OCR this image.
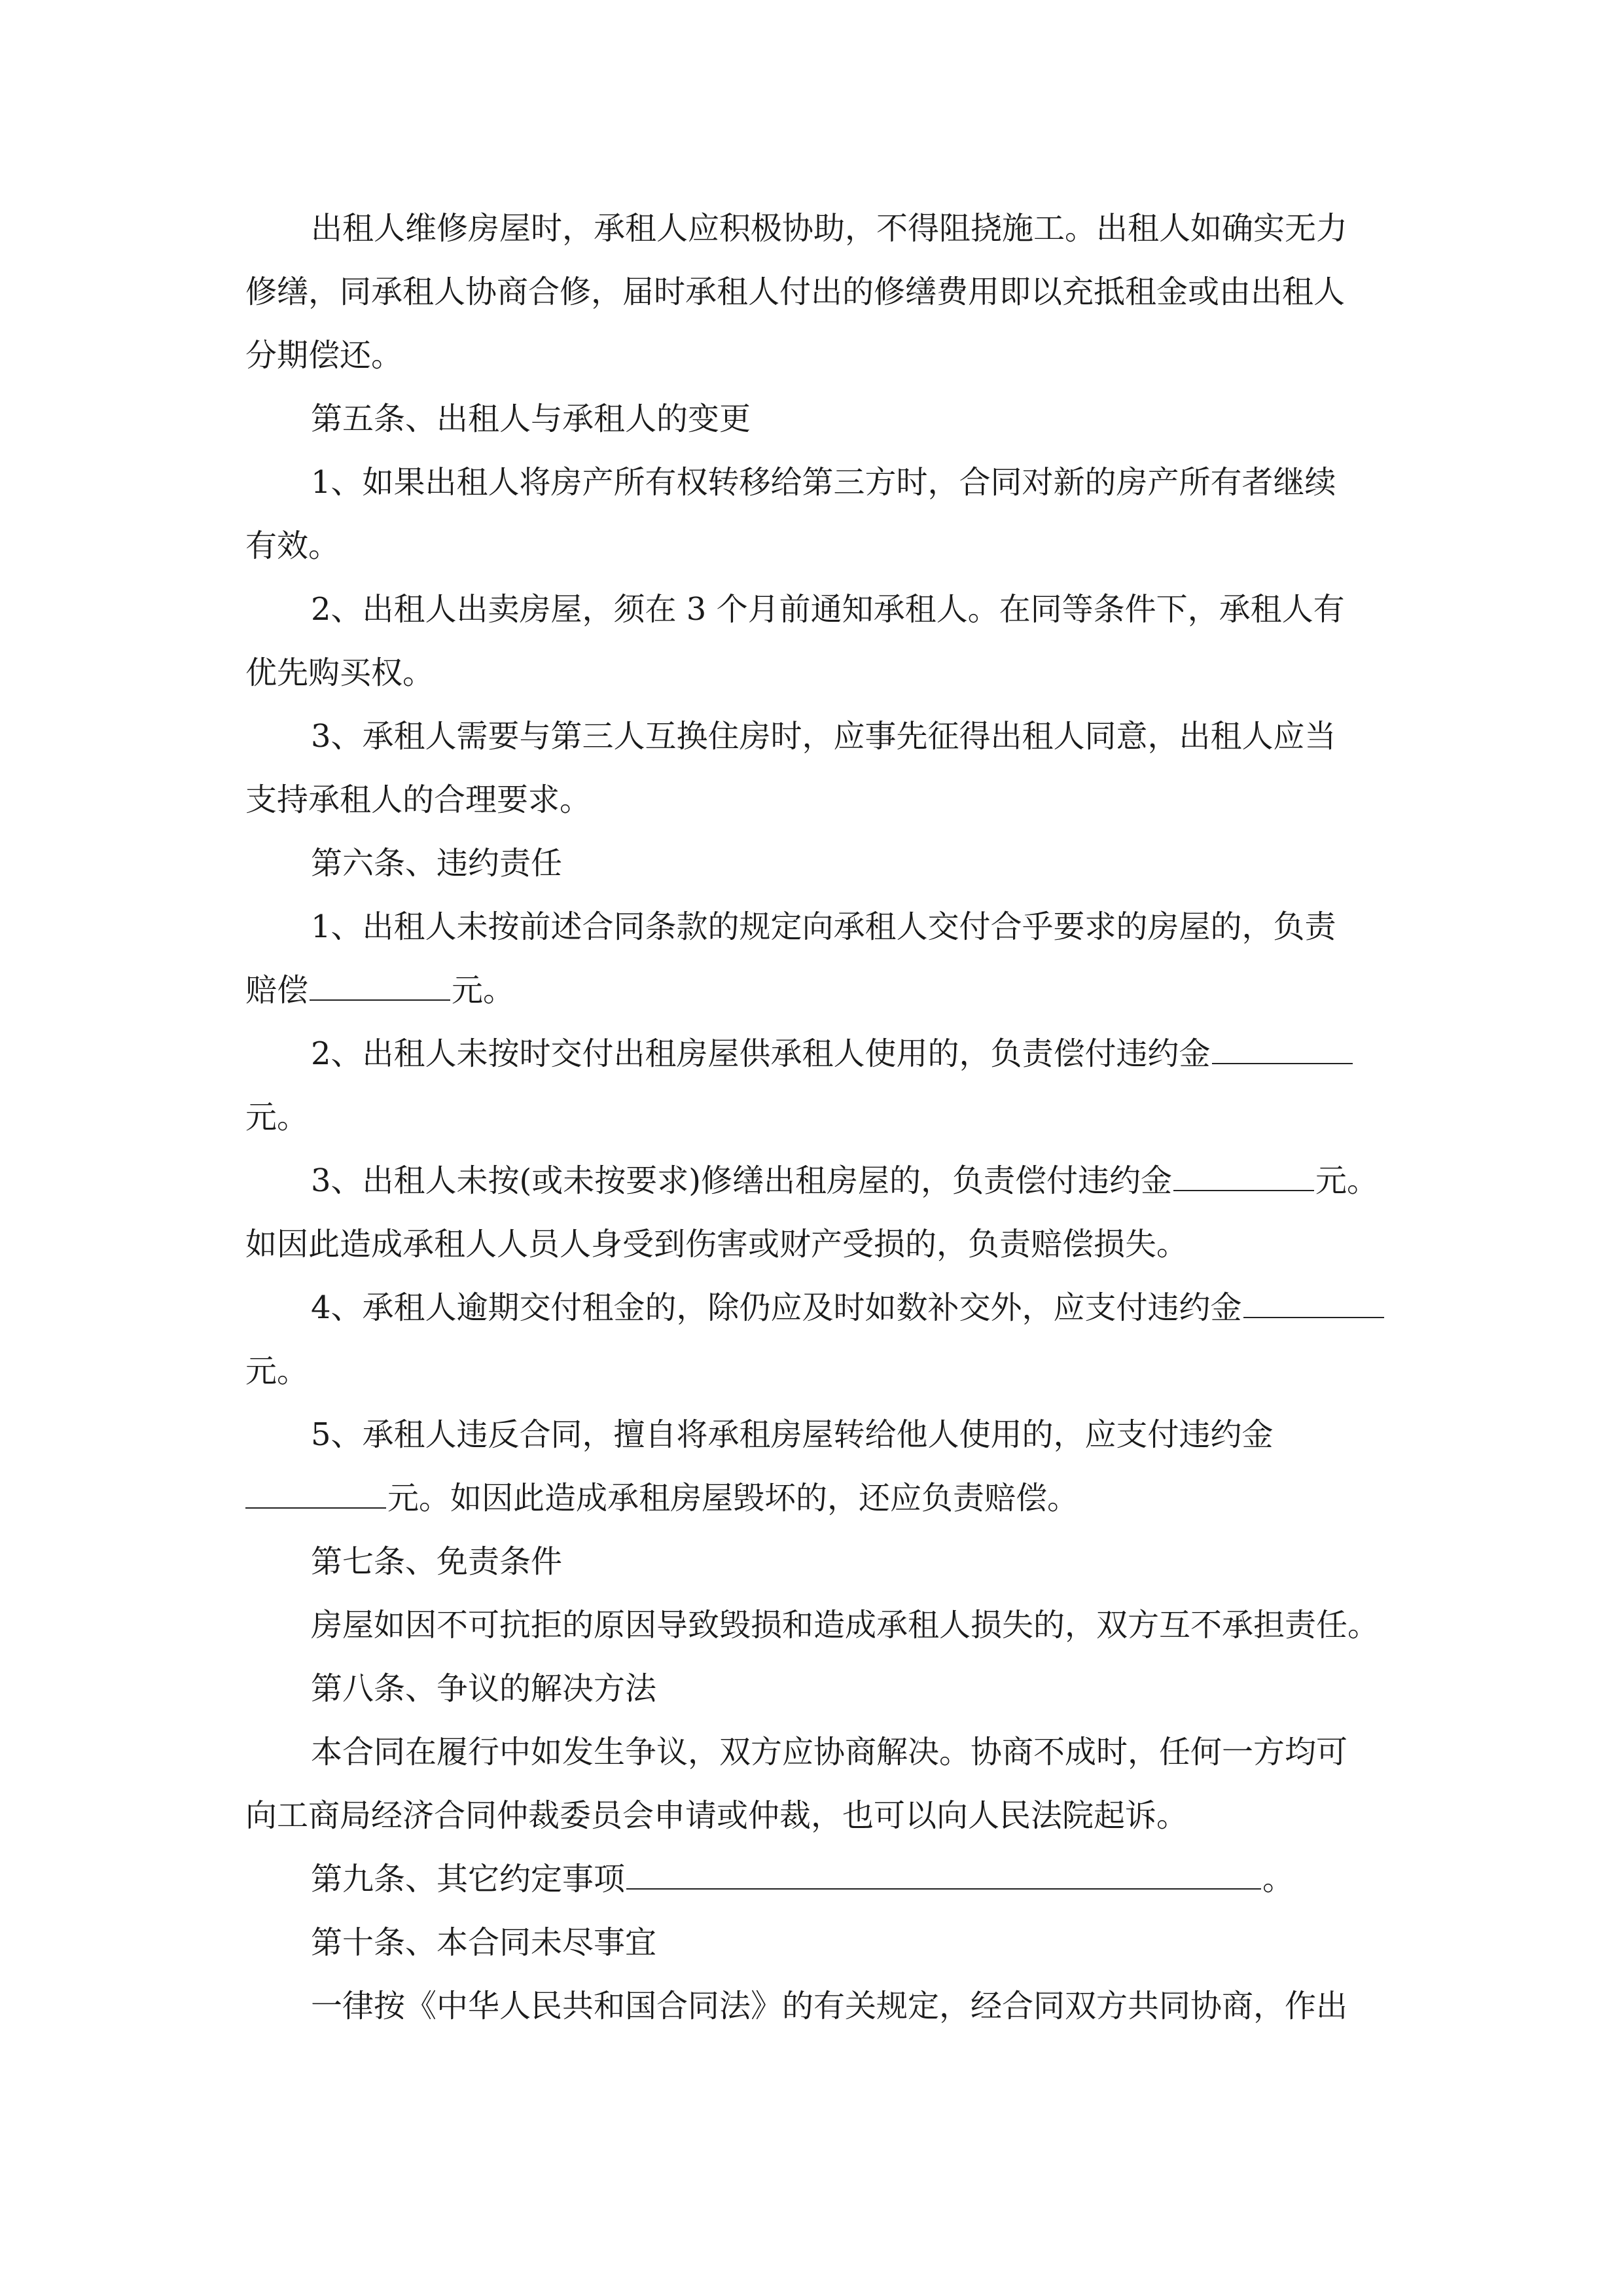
出租人维修房屋时，承租人应积极协助，不得阻挠施工。出租人如确实无力
修缮，同承租人协商合修，届时承租人付出的修缮费用即以充抵租金或由出租人
分期偿还。
第五条、出租人与承租人的变更
1、如果出租人将房产所有权转移给第三方时，合同对新的房产所有者继续
有效。
2、出租人出卖房屋，须在 3 个月前通知承租人。在同等条件下，承租人有
优先购买权。
3、承租人需要与第三人互换住房时，应事先征得出租人同意，出租人应当
支持承租人的合理要求。
第六条、违约责任
1、出租人未按前述合同条款的规定向承租人交付合乎要求的房屋的，负责
赔偿	元。
2、出租人未按时交付出租房屋供承租人使用的，负责偿付违约金
元。
3、出租人未按(或未按要求)修缮出租房屋的，负责偿付违约金	元。
如因此造成承租人人员人身受到伤害或财产受损的，负责赔偿损失。
4、承租人逾期交付租金的，除仍应及时如数补交外，应支付违约金
元。
5、承租人违反合同，擅自将承租房屋转给他人使用的，应支付违约金
元。如因此造成承租房屋毁坏的，还应负责赔偿。
第七条、免责条件
房屋如因不可抗拒的原因导致毁损和造成承租人损失的，双方互不承担责任。
第八条、争议的解决方法
本合同在履行中如发生争议，双方应协商解决。协商不成时，任何一方均可
向工商局经济合同仲裁委员会申请或仲裁，也可以向人民法院起诉。
第九条、其它约定事项	。
第十条、本合同未尽事宜
一律按《中华人民共和国合同法》的有关规定，经合同双方共同协商，作出
